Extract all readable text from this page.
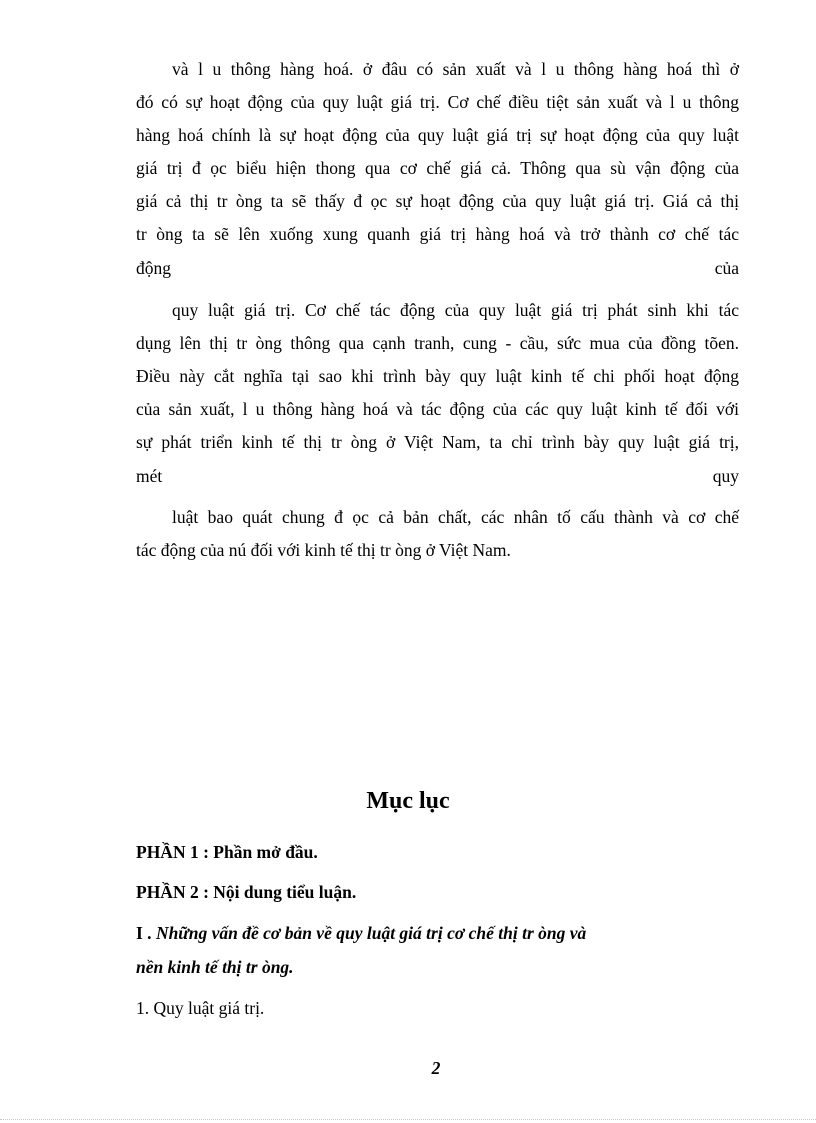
và l u thông hàng hoá. ở đâu có sản xuất và l u thông hàng hoá thì ở
đó có sự hoạt động của quy luật giá trị. Cơ chế điều tiệt sản xuất và l u thông
hàng hoá chính là sự hoạt động của quy luật giá trị sự hoạt động của quy luật
giá trị đ ọc biểu hiện thong qua cơ chế giá cả. Thông qua sù vận động của
giá cả thị tr òng ta sẽ thấy đ ọc sự hoạt động của quy luật giá trị. Giá cả thị
tr òng ta sẽ lên xuống xung quanh giá trị hàng hoá và trở thành cơ chế tác
động	của
quy luật giá trị. Cơ chế tác động của quy luật giá trị phát sinh khi tác
dụng lên thị tr òng thông qua cạnh tranh, cung - cầu, sức mua của đồng tõen.
Điều này cắt nghĩa tại sao khi trình bày quy luật kinh tế chi phối hoạt động
của sản xuất, l u thông hàng hoá và tác động của các quy luật kinh tế đối với
sự phát triển kinh tế thị tr òng ở Việt Nam, ta chỉ trình bày quy luật giá trị,
mét	quy
luật bao quát chung đ ọc cả bản chất, các nhân tố cấu thành và cơ chế
tác động của nú đối với kinh tế thị tr òng ở Việt Nam.
Mục lục
PHẦN 1 : Phần mở đầu.
PHẦN 2 : Nội dung tiểu luận.
I . Những vấn đề cơ bản về quy luật giá trị cơ chế thị tr òng và
nền kinh tế thị tr òng.
1. Quy luật giá trị.
2
